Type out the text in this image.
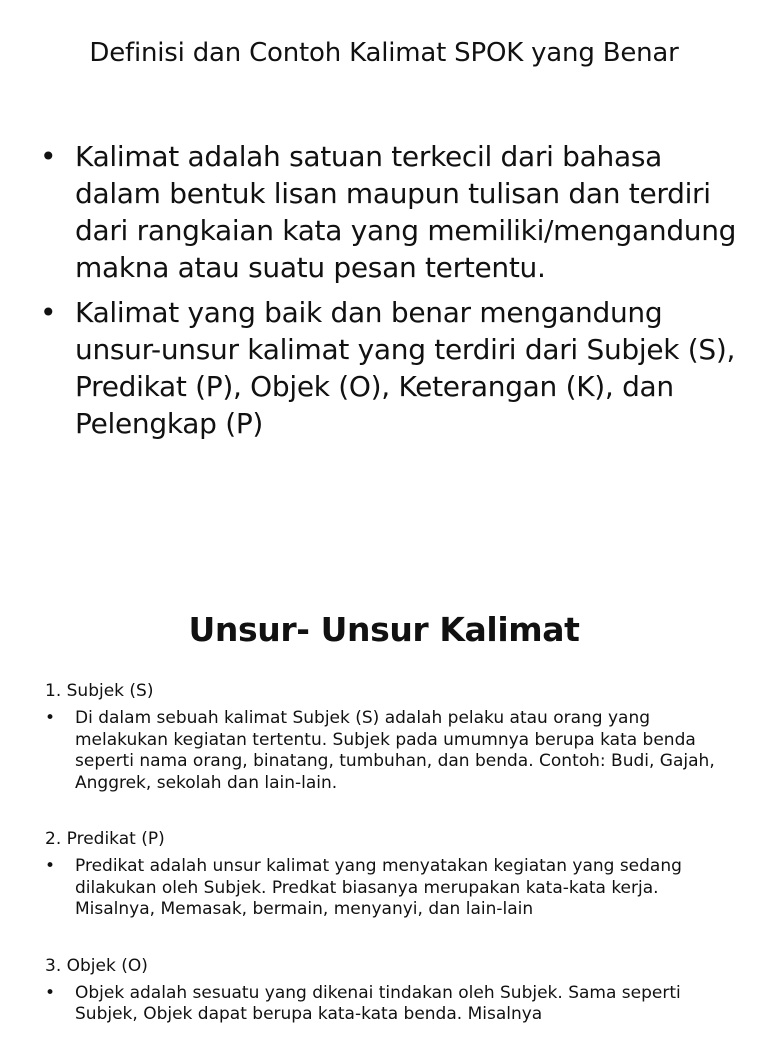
Definisi dan Contoh Kalimat SPOK yang Benar
• Kalimat adalah satuan terkecil dari bahasa dalam bentuk lisan maupun tulisan dan terdiri dari rangkaian kata yang memiliki/mengandung makna atau suatu pesan tertentu.
• Kalimat yang baik dan benar mengandung unsur-unsur kalimat yang terdiri dari Subjek (S), Predikat (P), Objek (O), Keterangan (K), dan Pelengkap (P)
Unsur- Unsur Kalimat
1. Subjek (S)
• Di dalam sebuah kalimat Subjek (S) adalah pelaku atau orang yang melakukan kegiatan tertentu. Subjek pada umumnya berupa kata benda seperti nama orang, binatang, tumbuhan, dan benda. Contoh: Budi, Gajah, Anggrek, sekolah dan lain-lain.
2. Predikat (P)
• Predikat adalah unsur kalimat yang menyatakan kegiatan yang sedang dilakukan oleh Subjek. Predkat biasanya merupakan kata-kata kerja. Misalnya, Memasak, bermain, menyanyi, dan lain-lain
3. Objek (O)
• Objek adalah sesuatu yang dikenai tindakan oleh Subjek. Sama seperti Subjek, Objek dapat berupa kata-kata benda. Misalnya
